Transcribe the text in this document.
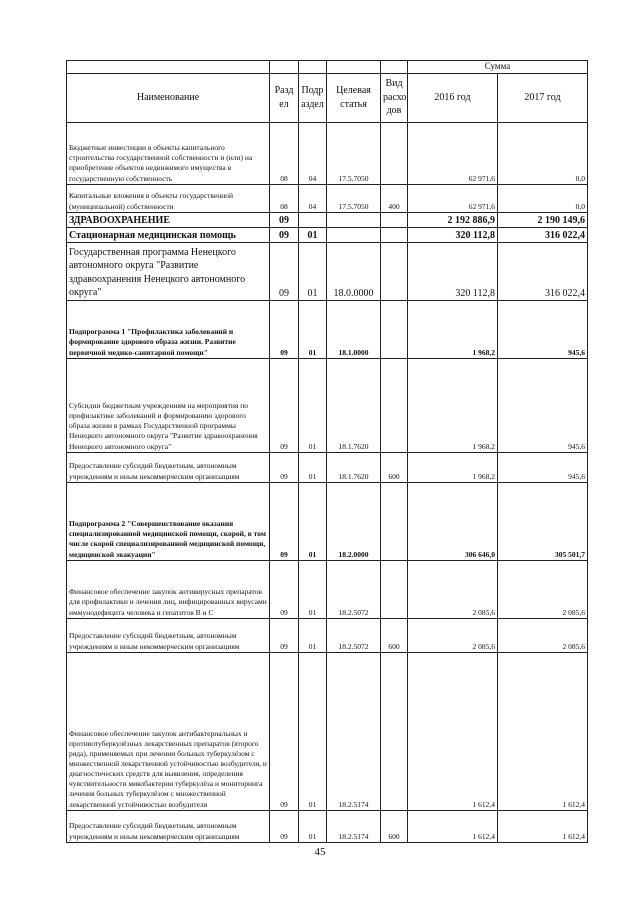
					Сумма	
Наименование	Разд ел	Подр аздел	Целевая статья	Вид расхо дов	2016 год	2017 год
Бюджетные инвестиции в объекты капитального строительства государственной собственности и (или) на приобретение объектов недвижимого имущества в государственную собственность	08	04	17.5.7050		62 971,6	0,0
Капитальные вложения в объекты государственной (муниципальной) собственности	08	04	17.5.7050	400	62 971,6	0,0
ЗДРАВООХРАНЕНИЕ	09				2 192 886,9	2 190 149,6
Стационарная медицинская помощь	09	01			320 112,8	316 022,4
Государственная программа Ненецкого автономного округа "Развитие здравоохранения Ненецкого автономного округа"	09	01	18.0.0000		320 112,8	316 022,4
Подпрограмма 1 "Профилактика заболеваний и формирование здорового образа жизни. Развитие первичной медико-санитарной помощи"	09	01	18.1.0000		1 968,2	945,6
Субсидии бюджетным учреждениям на мероприятия по профилактике заболеваний и формированию здорового образа жизни в рамках Государственной программы Ненецкого автономного округа "Развитие здравоохранения Ненецкого автономного округа"	09	01	18.1.7620		1 968,2	945,6
Предоставление субсидий бюджетным, автономным учреждениям и иным некоммерческим организациям	09	01	18.1.7620	600	1 968,2	945,6
Подпрограмма 2 "Совершенствование оказания специализированной медицинской помощи, скорой, в том числе скорой специализированной медицинской помощи, медицинской эвакуации"	09	01	18.2.0000		306 646,0	305 501,7
Финансовое обеспечение закупок антивирусных препаратов для профилактики и лечения лиц, инфицированных вирусами иммунодефицита человека и гепатитов В и С	09	01	18.2.5072		2 085,6	2 085,6
Предоставление субсидий бюджетным, автономным учреждениям и иным некоммерческим организациям	09	01	18.2.5072	600	2 085,6	2 085,6
Финансовое обеспечение закупок антибактериальных и противотуберкулёзных лекарственных препаратов (второго ряда), применяемых при лечении больных туберкулёзом с множественной лекарственной устойчивостью возбудителя, и диагностических средств для выявления, определения чувствительности микобактерии туберкулёза и мониторинга лечения больных туберкулёзом с множественной лекарственной устойчивостью возбудителя	09	01	18.2.5174		1 612,4	1 612,4
Предоставление субсидий бюджетным, автономным учреждениям и иным некоммерческим организациям	09	01	18.2.5174	600	1 612,4	1 612,4
45
